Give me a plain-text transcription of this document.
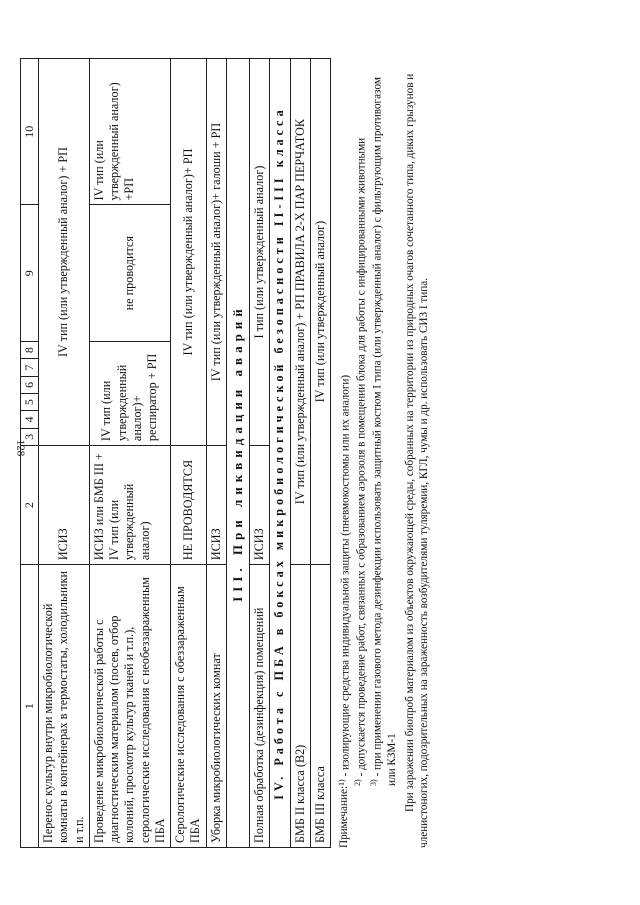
128
1	2	3	4	5	6	7	8	9	10
Перенос культур внутри микробиологической комнаты в контейнерах в термостаты, холодильники и т.п.	ИСИЗ	IV тип (или утвержденный аналог) + РП							
Проведение микробиологической работы с диагностическим материалом (посев, отбор колоний, просмотр культур тканей и т.п.), серологические исследования с необеззараженным ПБА	ИСИЗ или БМБ III + IV тип (или утвержденный аналог)	IV тип (или утвержденный аналог)+ респиратор + РП						не проводится	IV тип (или утвержденный аналог) +РП
Серологические исследования с обеззараженным ПБА	НЕ ПРОВОДЯТСЯ	IV тип (или утвержденный аналог)+ РП							
Уборка микробиологических комнат	ИСИЗ	IV тип (или утвержденный аналог)+ галоши + РП							
III. При ликвидации аварий									
Полная обработка (дезинфекция) помещений	ИСИЗ	I тип (или утвержденный аналог)							
IV. Работа с ПБА в боксах микробиологической безопасности II-III класса									
БМБ II класса (В2)	IV тип (или утвержденный аналог) + РП ПРАВИЛА 2-Х ПАР ПЕРЧАТОК								
БМБ III класса	IV тип (или утвержденный аналог)								
Примечание:
$^{1)}$ - изолирующие средства индивидуальной защиты (пневмокостюмы или их аналоги)
$^{2)}$ - допускается проведение работ, связанных с образованием аэрозоля в помещении блока для работы с инфицированными животными
$^{3)}$ - при применении газового метода дезинфекции использовать защитный костюм I типа (или утвержденный аналог) с фильтрующим противогазом или КЗМ-1 При заражении биопроб материалом из объектов окружающей среды, собранных на территории из природных очагов сочетанного типа, диких грызунов и членистоногих, подозрительных на зараженность возбудителями туляремии, КГЛ, чумы и др. использовать СИЗ I типа.
